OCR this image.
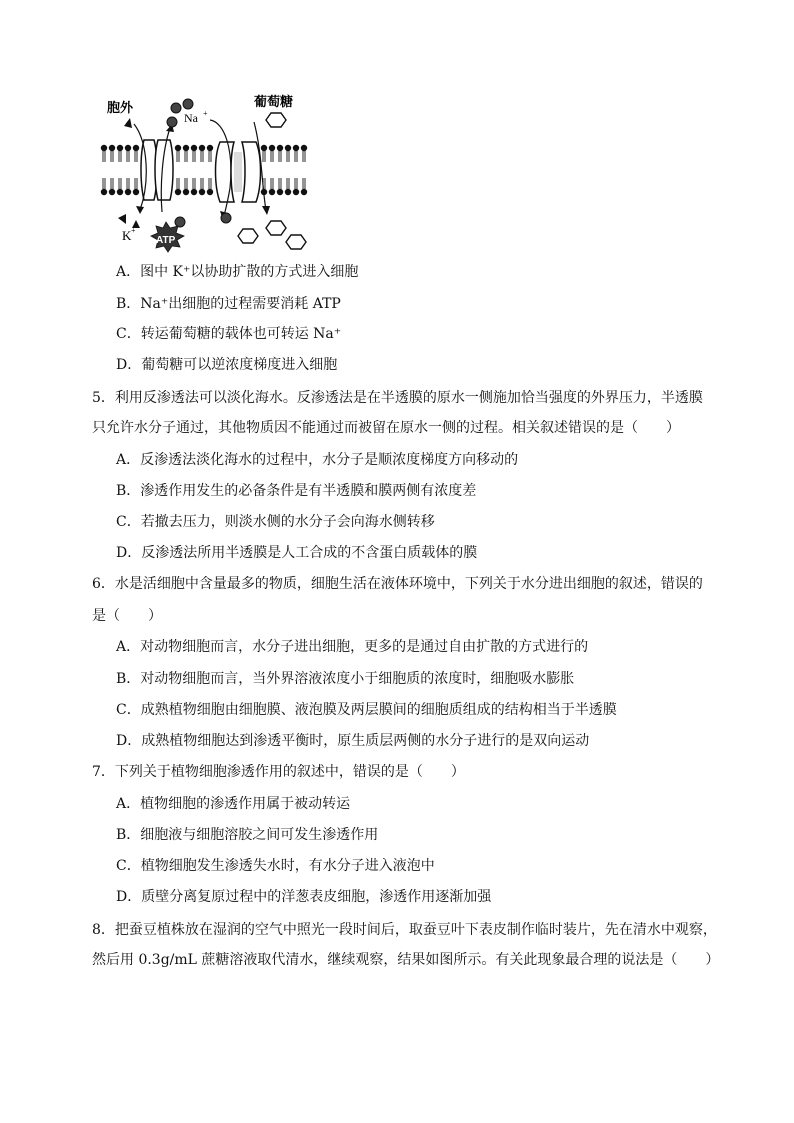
胞外
Na +
葡萄糖
K +
ATP
A．图中 K⁺以协助扩散的方式进入细胞
B．Na⁺出细胞的过程需要消耗 ATP
C．转运葡萄糖的载体也可转运 Na⁺
D．葡萄糖可以逆浓度梯度进入细胞
5．利用反渗透法可以淡化海水。反渗透法是在半透膜的原水一侧施加恰当强度的外界压力，半透膜
只允许水分子通过，其他物质因不能通过而被留在原水一侧的过程。相关叙述错误的是（　　）
A．反渗透法淡化海水的过程中，水分子是顺浓度梯度方向移动的
B．渗透作用发生的必备条件是有半透膜和膜两侧有浓度差
C．若撤去压力，则淡水侧的水分子会向海水侧转移
D．反渗透法所用半透膜是人工合成的不含蛋白质载体的膜
6．水是活细胞中含量最多的物质，细胞生活在液体环境中，下列关于水分进出细胞的叙述，错误的
是（　　）
A．对动物细胞而言，水分子进出细胞，更多的是通过自由扩散的方式进行的
B．对动物细胞而言，当外界溶液浓度小于细胞质的浓度时，细胞吸水膨胀
C．成熟植物细胞由细胞膜、液泡膜及两层膜间的细胞质组成的结构相当于半透膜
D．成熟植物细胞达到渗透平衡时，原生质层两侧的水分子进行的是双向运动
7．下列关于植物细胞渗透作用的叙述中，错误的是（　　）
A．植物细胞的渗透作用属于被动转运
B．细胞液与细胞溶胶之间可发生渗透作用
C．植物细胞发生渗透失水时，有水分子进入液泡中
D．质壁分离复原过程中的洋葱表皮细胞，渗透作用逐渐加强
8．把蚕豆植株放在湿润的空气中照光一段时间后，取蚕豆叶下表皮制作临时装片，先在清水中观察，
然后用 0.3g/mL 蔗糖溶液取代清水，继续观察，结果如图所示。有关此现象最合理的说法是（　　）
